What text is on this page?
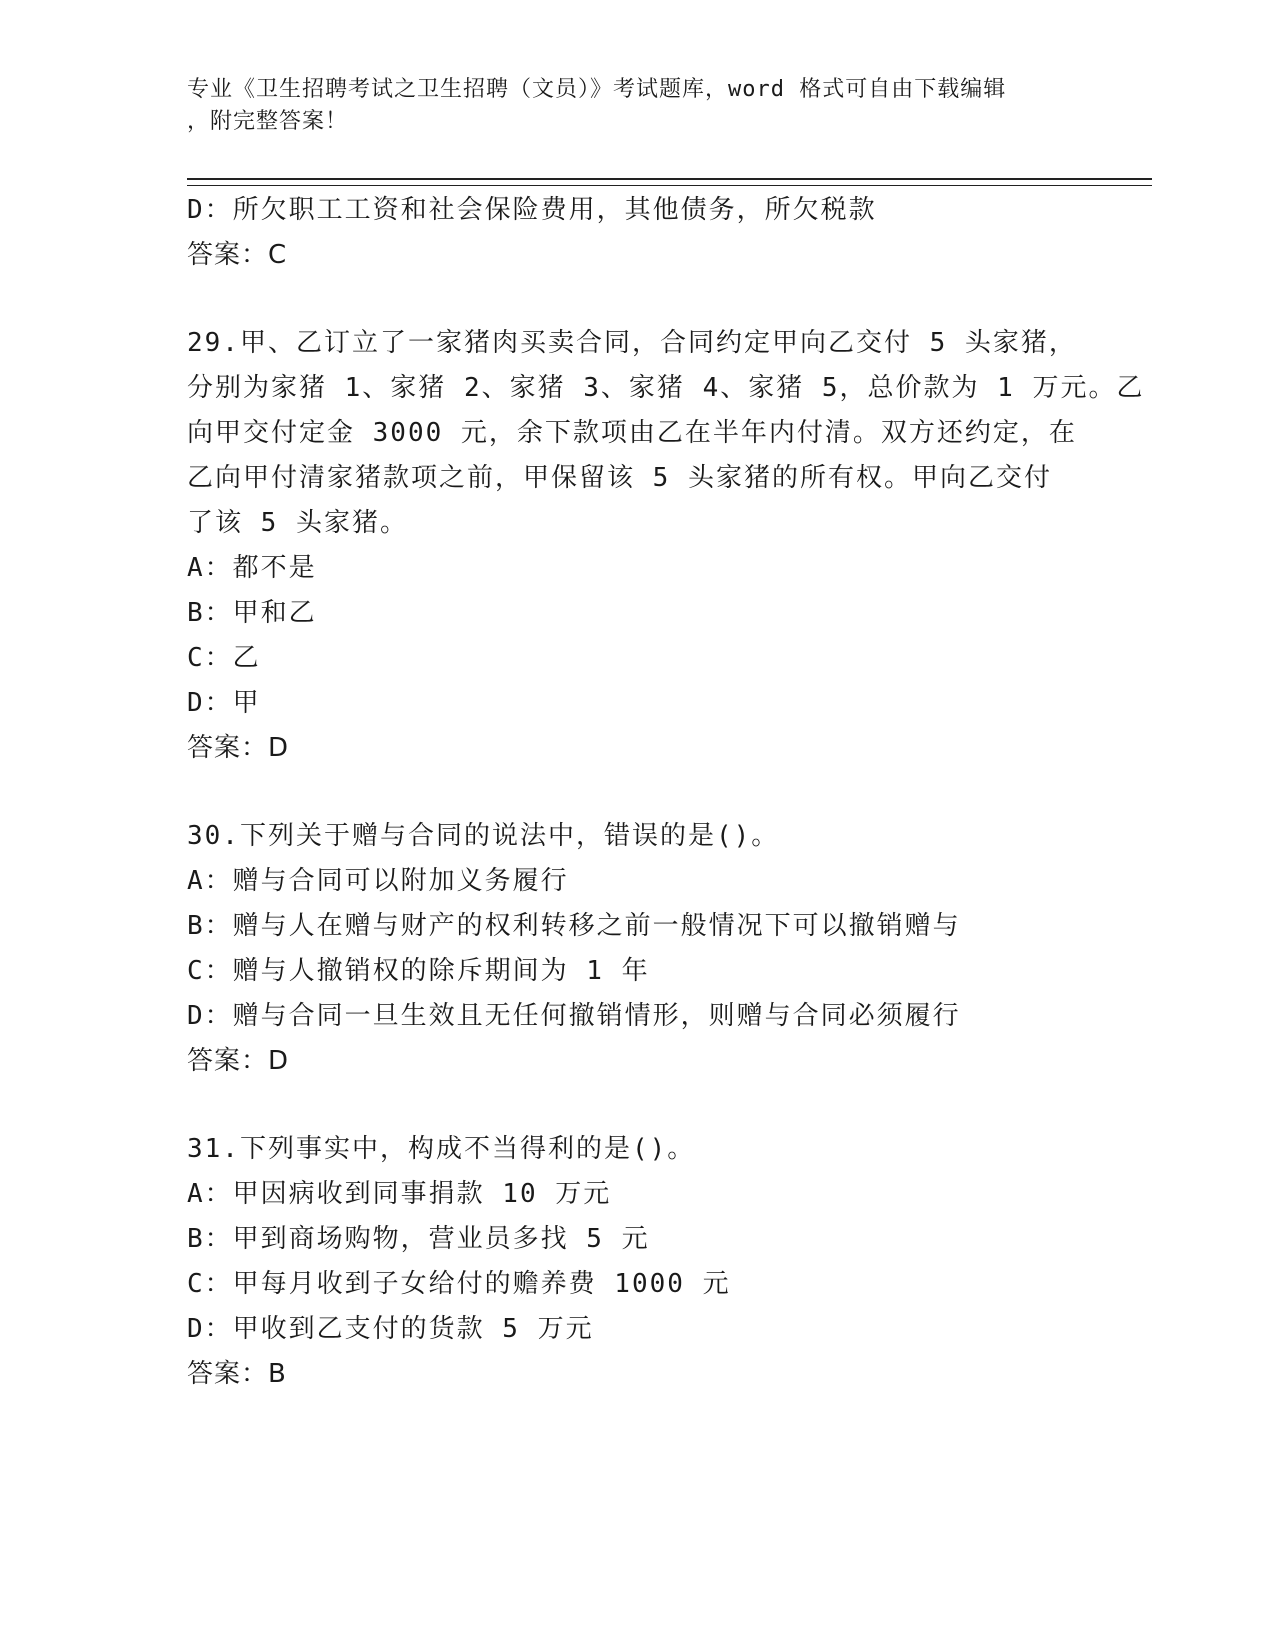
专业《卫生招聘考试之卫生招聘（文员）》考试题库，word 格式可自由下载编辑
，附完整答案！
D：所欠职工工资和社会保险费用，其他债务，所欠税款
答案：C
29.甲、乙订立了一家猪肉买卖合同，合同约定甲向乙交付 5 头家猪，
分别为家猪 1、家猪 2、家猪 3、家猪 4、家猪 5，总价款为 1 万元。乙
向甲交付定金 3000 元，余下款项由乙在半年内付清。双方还约定，在
乙向甲付清家猪款项之前，甲保留该 5 头家猪的所有权。甲向乙交付
了该 5 头家猪。
A：都不是
B：甲和乙
C：乙
D：甲
答案：D
30.下列关于赠与合同的说法中，错误的是()。
A：赠与合同可以附加义务履行
B：赠与人在赠与财产的权利转移之前一般情况下可以撤销赠与
C：赠与人撤销权的除斥期间为 1 年
D：赠与合同一旦生效且无任何撤销情形，则赠与合同必须履行
答案：D
31.下列事实中，构成不当得利的是()。
A：甲因病收到同事捐款 10 万元
B：甲到商场购物，营业员多找 5 元
C：甲每月收到子女给付的赡养费 1000 元
D：甲收到乙支付的货款 5 万元
答案：B
